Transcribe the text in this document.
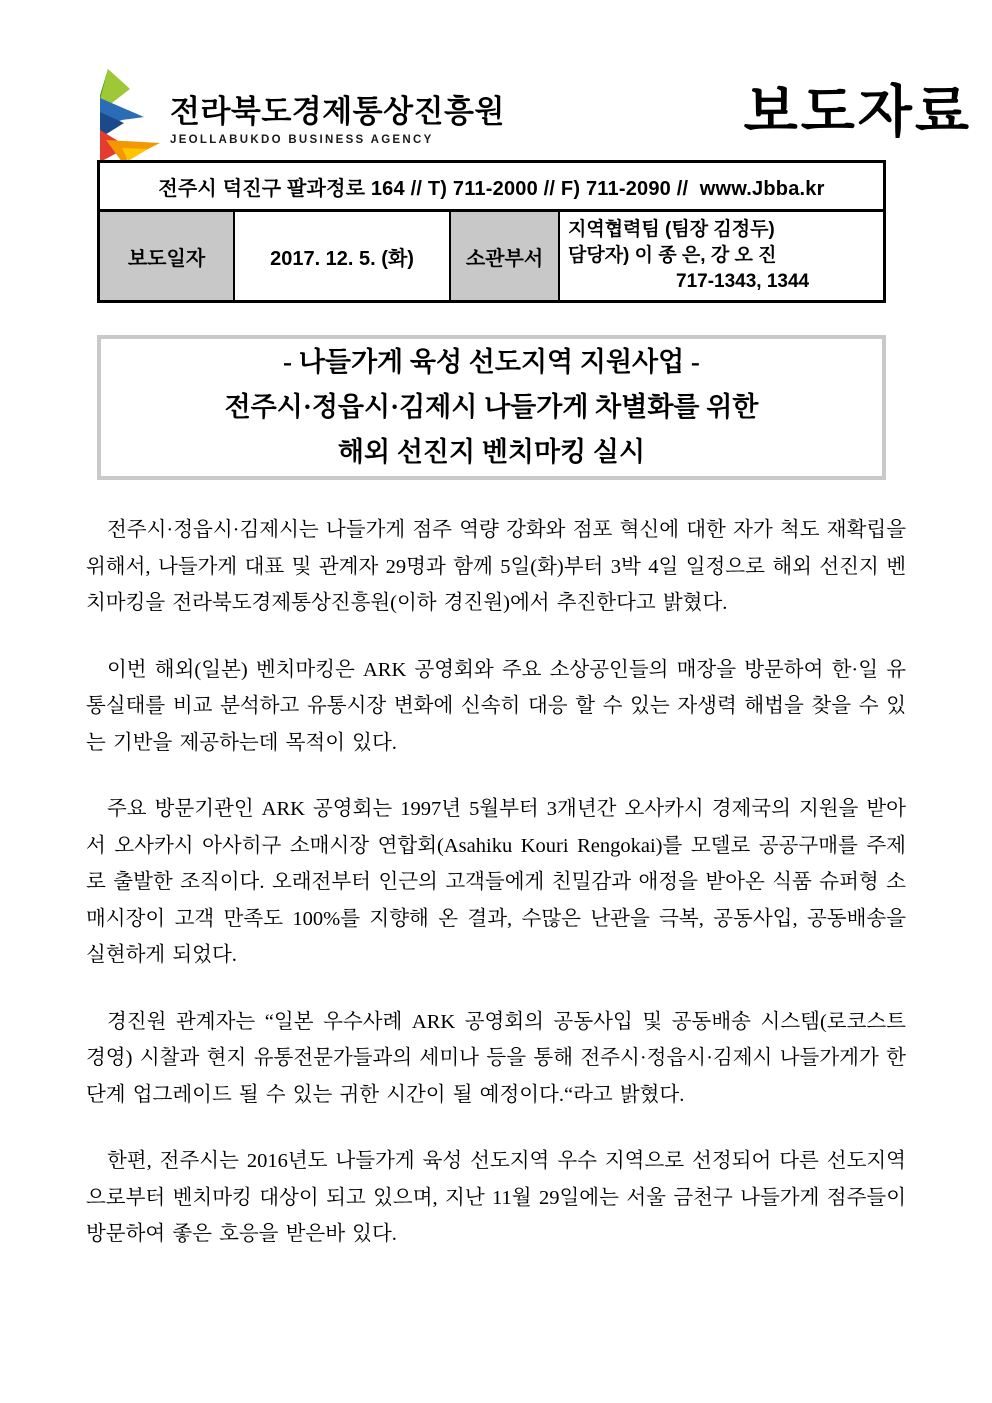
전라북도경제통상진흥원
JEOLLABUKDO BUSINESS AGENCY	보도자료
전주시 덕진구 팔과정로 164 // T) 711-2000 // F) 711-2090 //  www.Jbba.kr
보도일자	2017. 12. 5. (화)	소관부서	
지역협력팀 (팀장 김정두)
담당자) 이 종 은, 강 오 진
717-1343, 1344
- 나들가게 육성 선도지역 지원사업 -
전주시·정읍시·김제시 나들가게 차별화를 위한
해외 선진지 벤치마킹 실시

전주시·정읍시·김제시는 나들가게 점주 역량 강화와 점포 혁신에 대한 자가 척도 재확립을 위해서, 나들가게 대표 및 관계자 29명과 함께 5일(화)부터 3박 4일 일정으로 해외 선진지 벤치마킹을 전라북도경제통상진흥원(이하 경진원)에서 추진한다고 밝혔다.

이번 해외(일본) 벤치마킹은 ARK 공영회와 주요 소상공인들의 매장을 방문하여 한·일 유통실태를 비교 분석하고 유통시장 변화에 신속히 대응 할 수 있는 자생력 해법을 찾을 수 있는 기반을 제공하는데 목적이 있다.

주요 방문기관인 ARK 공영회는 1997년 5월부터 3개년간 오사카시 경제국의 지원을 받아서 오사카시 아사히구 소매시장 연합회(Asahiku Kouri Rengokai)를 모델로 공공구매를 주제로 출발한 조직이다. 오래전부터 인근의 고객들에게 친밀감과 애정을 받아온 식품 슈퍼형 소매시장이 고객 만족도 100%를 지향해 온 결과, 수많은 난관을 극복, 공동사입, 공동배송을 실현하게 되었다.

경진원 관계자는 “일본 우수사례 ARK 공영회의 공동사입 및 공동배송 시스템(로코스트 경영) 시찰과 현지 유통전문가들과의 세미나 등을 통해 전주시·정읍시·김제시 나들가게가 한 단계 업그레이드 될 수 있는 귀한 시간이 될 예정이다.“라고 밝혔다.

한편, 전주시는 2016년도 나들가게 육성 선도지역 우수 지역으로 선정되어 다른 선도지역으로부터 벤치마킹 대상이 되고 있으며, 지난 11월 29일에는 서울 금천구 나들가게 점주들이 방문하여 좋은 호응을 받은바 있다.
